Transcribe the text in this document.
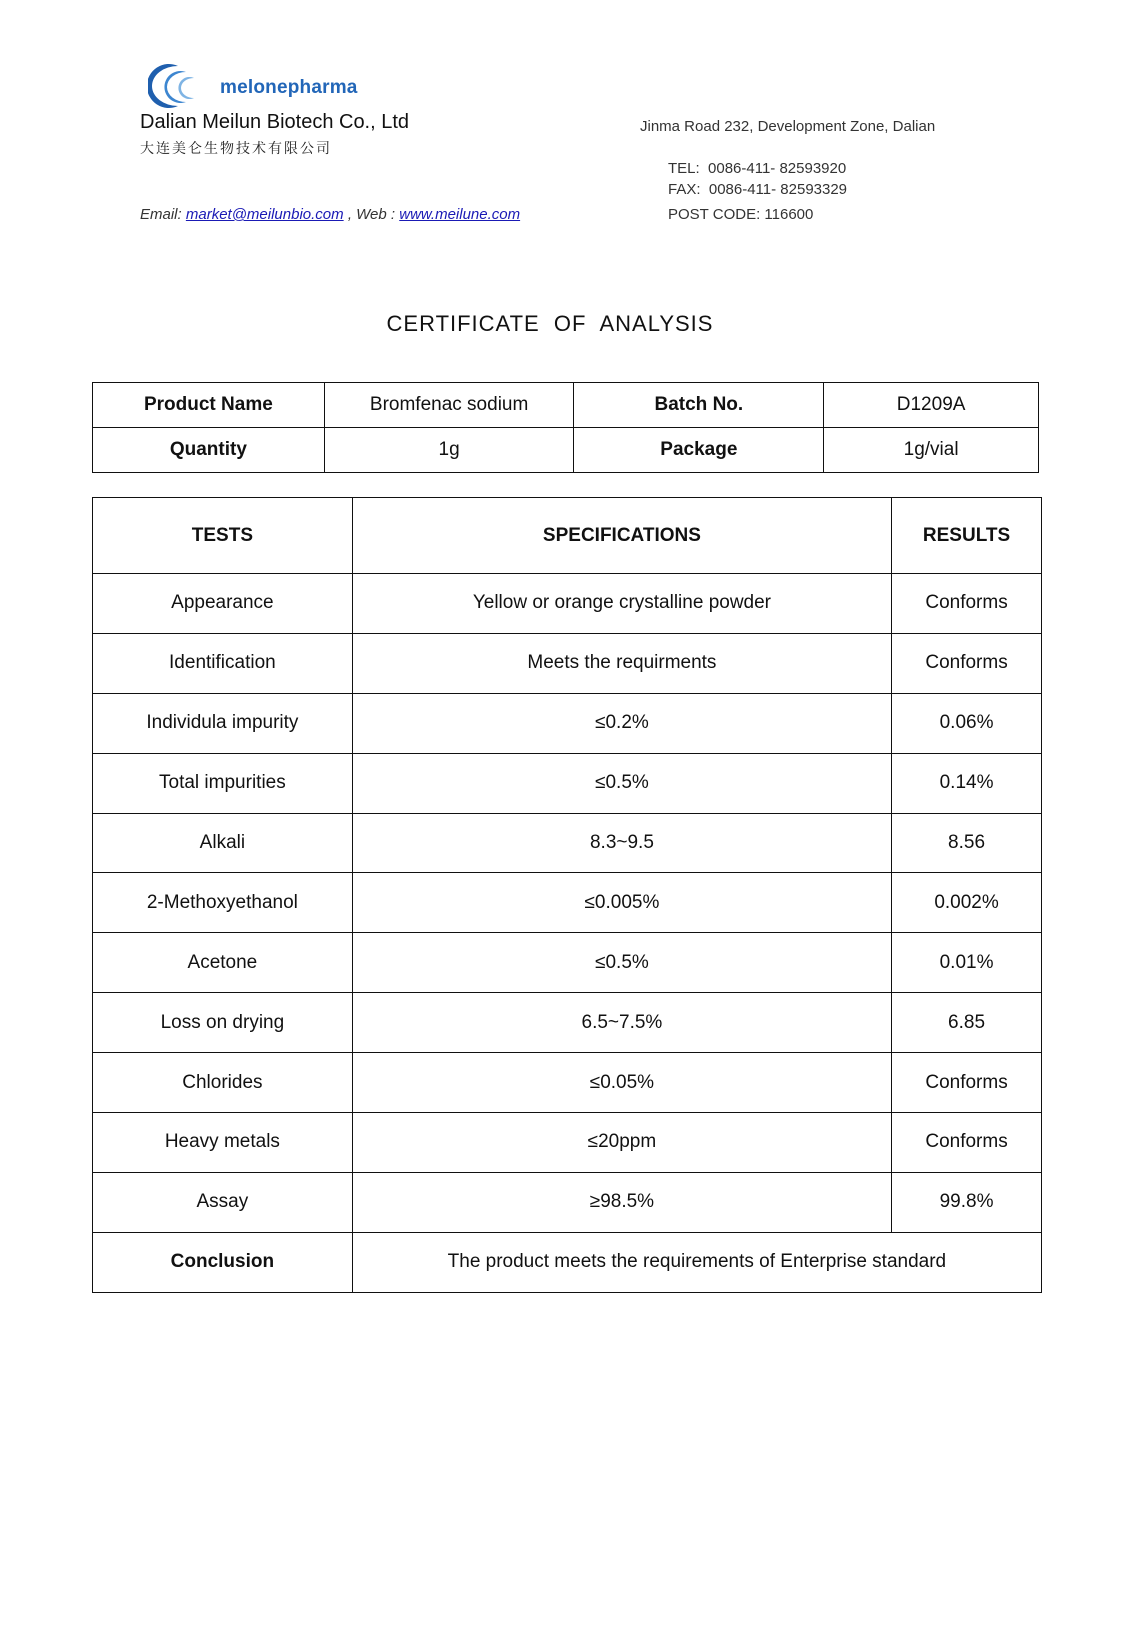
melonepharma
Dalian Meilun Biotech Co., Ltd
大连美仑生物技术有限公司
Email: market@meilunbio.com , Web : www.meilune.com
Jinma Road 232, Development Zone, Dalian
TEL:  0086-411- 82593920
FAX:  0086-411- 82593329
POST CODE: 116600
CERTIFICATE  OF  ANALYSIS
Product Name	Bromfenac sodium	Batch No.	D1209A
Quantity	1g	Package	1g/vial
TESTS	SPECIFICATIONS	RESULTS
Appearance	Yellow or orange crystalline powder	Conforms
Identification	Meets the requirments	Conforms
Individula impurity	≤0.2%	0.06%
Total impurities	≤0.5%	0.14%
Alkali	8.3~9.5	8.56
2-Methoxyethanol	≤0.005%	0.002%
Acetone	≤0.5%	0.01%
Loss on drying	6.5~7.5%	6.85
Chlorides	≤0.05%	Conforms
Heavy metals	≤20ppm	Conforms
Assay	≥98.5%	99.8%
Conclusion	The product meets the requirements of Enterprise standard	
